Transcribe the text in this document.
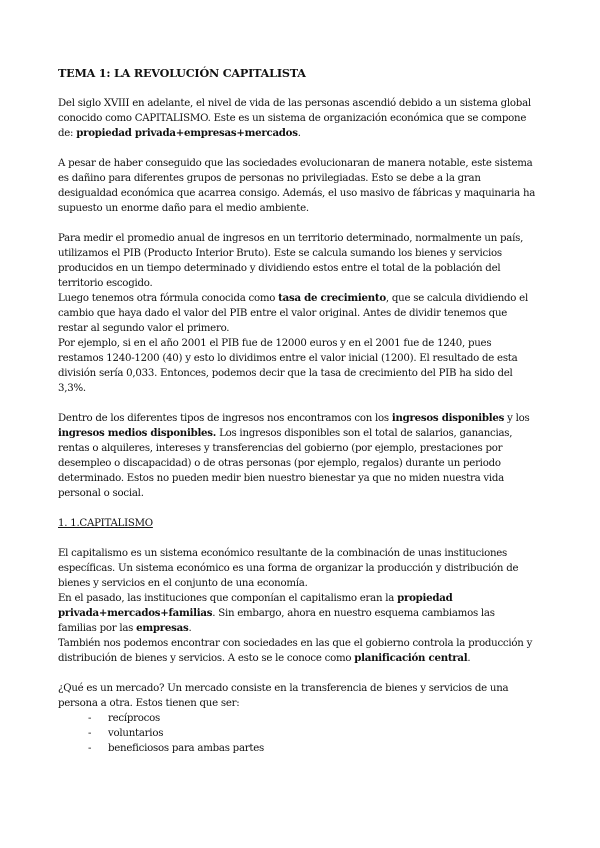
TEMA 1: LA REVOLUCIÓN CAPITALISTA

Del siglo XVIII en adelante, el nivel de vida de las personas ascendió debido a un sistema global conocido como CAPITALISMO. Este es un sistema de organización económica que se compone de: propiedad privada+empresas+mercados.

A pesar de haber conseguido que las sociedades evolucionaran de manera notable, este sistema es dañino para diferentes grupos de personas no privilegiadas. Esto se debe a la gran desigualdad económica que acarrea consigo. Además, el uso masivo de fábricas y maquinaria ha supuesto un enorme daño para el medio ambiente.

Para medir el promedio anual de ingresos en un territorio determinado, normalmente un país, utilizamos el PIB (Producto Interior Bruto). Este se calcula sumando los bienes y servicios producidos en un tiempo determinado y dividiendo estos entre el total de la población del territorio escogido.
Luego tenemos otra fórmula conocida como tasa de crecimiento, que se calcula dividiendo el cambio que haya dado el valor del PIB entre el valor original. Antes de dividir tenemos que restar al segundo valor el primero.
Por ejemplo, si en el año 2001 el PIB fue de 12000 euros y en el 2001 fue de 1240, pues restamos 1240-1200 (40) y esto lo dividimos entre el valor inicial (1200). El resultado de esta división sería 0,033. Entonces, podemos decir que la tasa de crecimiento del PIB ha sido del 3,3%.

Dentro de los diferentes tipos de ingresos nos encontramos con los ingresos disponibles y los ingresos medios disponibles. Los ingresos disponibles son el total de salarios, ganancias, rentas o alquileres, intereses y transferencias del gobierno (por ejemplo, prestaciones por desempleo o discapacidad) o de otras personas (por ejemplo, regalos) durante un periodo determinado. Estos no pueden medir bien nuestro bienestar ya que no miden nuestra vida personal o social.

1. 1.CAPITALISMO

El capitalismo es un sistema económico resultante de la combinación de unas instituciones específicas. Un sistema económico es una forma de organizar la producción y distribución de bienes y servicios en el conjunto de una economía.
En el pasado, las instituciones que componían el capitalismo eran la propiedad privada+mercados+familias. Sin embargo, ahora en nuestro esquema cambiamos las familias por las empresas.
También nos podemos encontrar con sociedades en las que el gobierno controla la producción y distribución de bienes y servicios. A esto se le conoce como planificación central.

¿Qué es un mercado? Un mercado consiste en la transferencia de bienes y servicios de una persona a otra. Estos tienen que ser:

- recíprocos
- voluntarios
- beneficiosos para ambas partes
